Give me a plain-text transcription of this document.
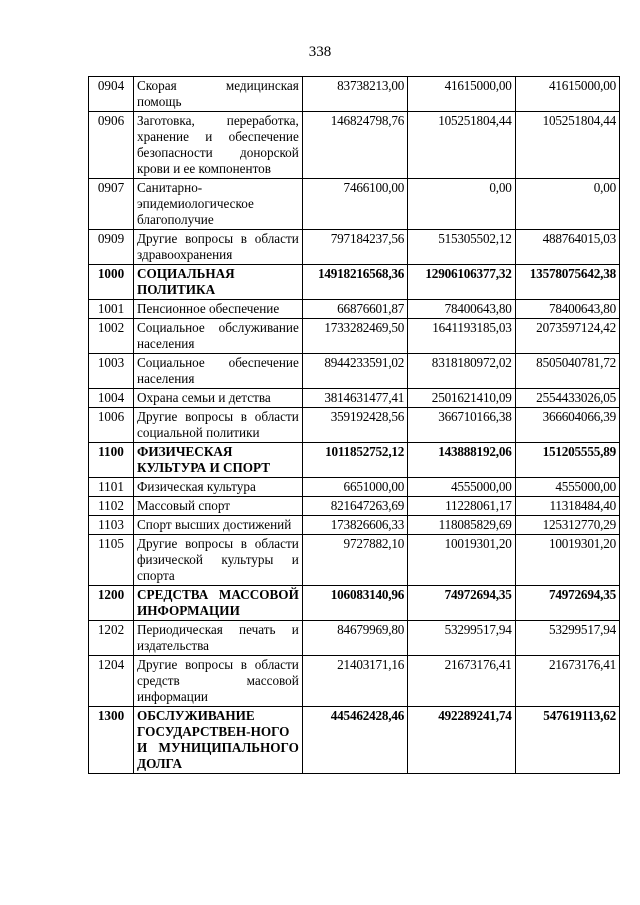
338
0904	Скорая медицинская помощь	83738213,00	41615000,00	41615000,00
0906	Заготовка, переработка, хранение и обеспечение безопасности донорской крови и ее компонентов	146824798,76	105251804,44	105251804,44
0907	Санитарно-эпидемиологическое благополучие	7466100,00	0,00	0,00
0909	Другие вопросы в области здравоохранения	797184237,56	515305502,12	488764015,03
1000	СОЦИАЛЬНАЯ ПОЛИТИКА	14918216568,36	12906106377,32	13578075642,38
1001	Пенсионное обеспечение	66876601,87	78400643,80	78400643,80
1002	Социальное обслуживание населения	1733282469,50	1641193185,03	2073597124,42
1003	Социальное обеспечение населения	8944233591,02	8318180972,02	8505040781,72
1004	Охрана семьи и детства	3814631477,41	2501621410,09	2554433026,05
1006	Другие вопросы в области социальной политики	359192428,56	366710166,38	366604066,39
1100	ФИЗИЧЕСКАЯ КУЛЬТУРА И СПОРТ	1011852752,12	143888192,06	151205555,89
1101	Физическая культура	6651000,00	4555000,00	4555000,00
1102	Массовый спорт	821647263,69	11228061,17	11318484,40
1103	Спорт высших достижений	173826606,33	118085829,69	125312770,29
1105	Другие вопросы в области физической культуры и спорта	9727882,10	10019301,20	10019301,20
1200	СРЕДСТВА МАССОВОЙ ИНФОРМАЦИИ	106083140,96	74972694,35	74972694,35
1202	Периодическая печать и издательства	84679969,80	53299517,94	53299517,94
1204	Другие вопросы в области средств массовой информации	21403171,16	21673176,41	21673176,41
1300	ОБСЛУЖИВАНИЕ ГОСУДАРСТВЕН-НОГО И МУНИЦИПАЛЬНОГО ДОЛГА	445462428,46	492289241,74	547619113,62
